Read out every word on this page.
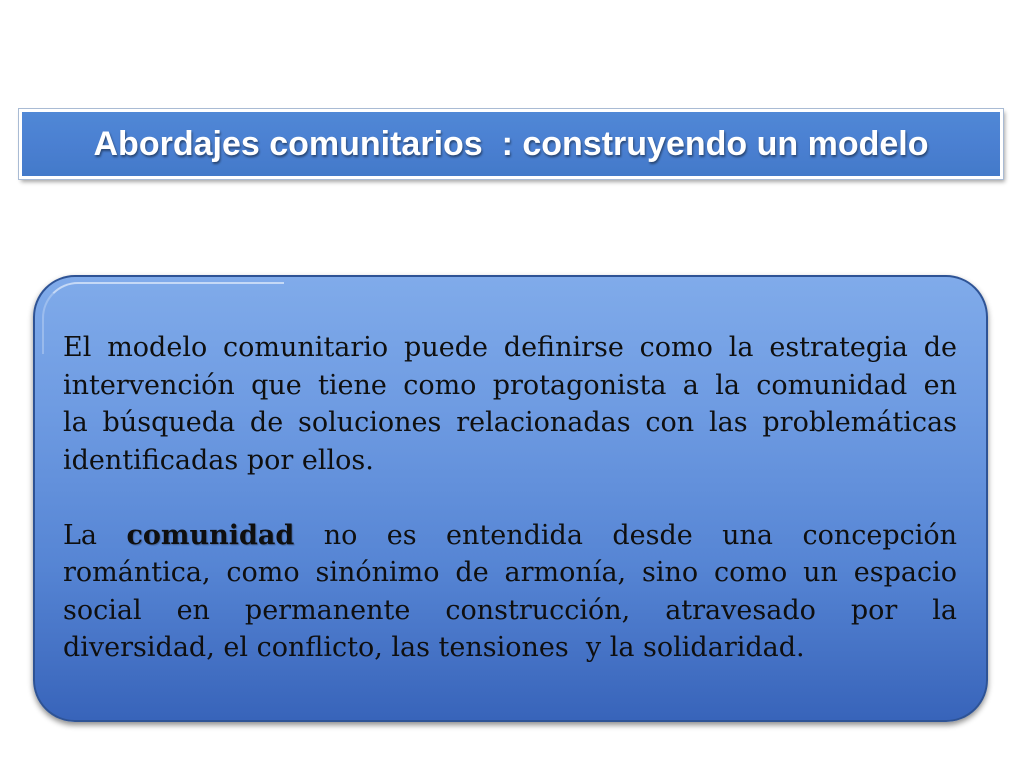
Abordajes comunitarios  : construyendo un modelo
El modelo comunitario puede definirse como la estrategia de
intervención que tiene como protagonista a la comunidad en
la búsqueda de soluciones relacionadas con las problemáticas
identificadas por ellos.
La comunidad no es entendida desde una concepción
romántica, como sinónimo de armonía, sino como un espacio
social en permanente construcción, atravesado por la
diversidad, el conflicto, las tensiones  y la solidaridad.
